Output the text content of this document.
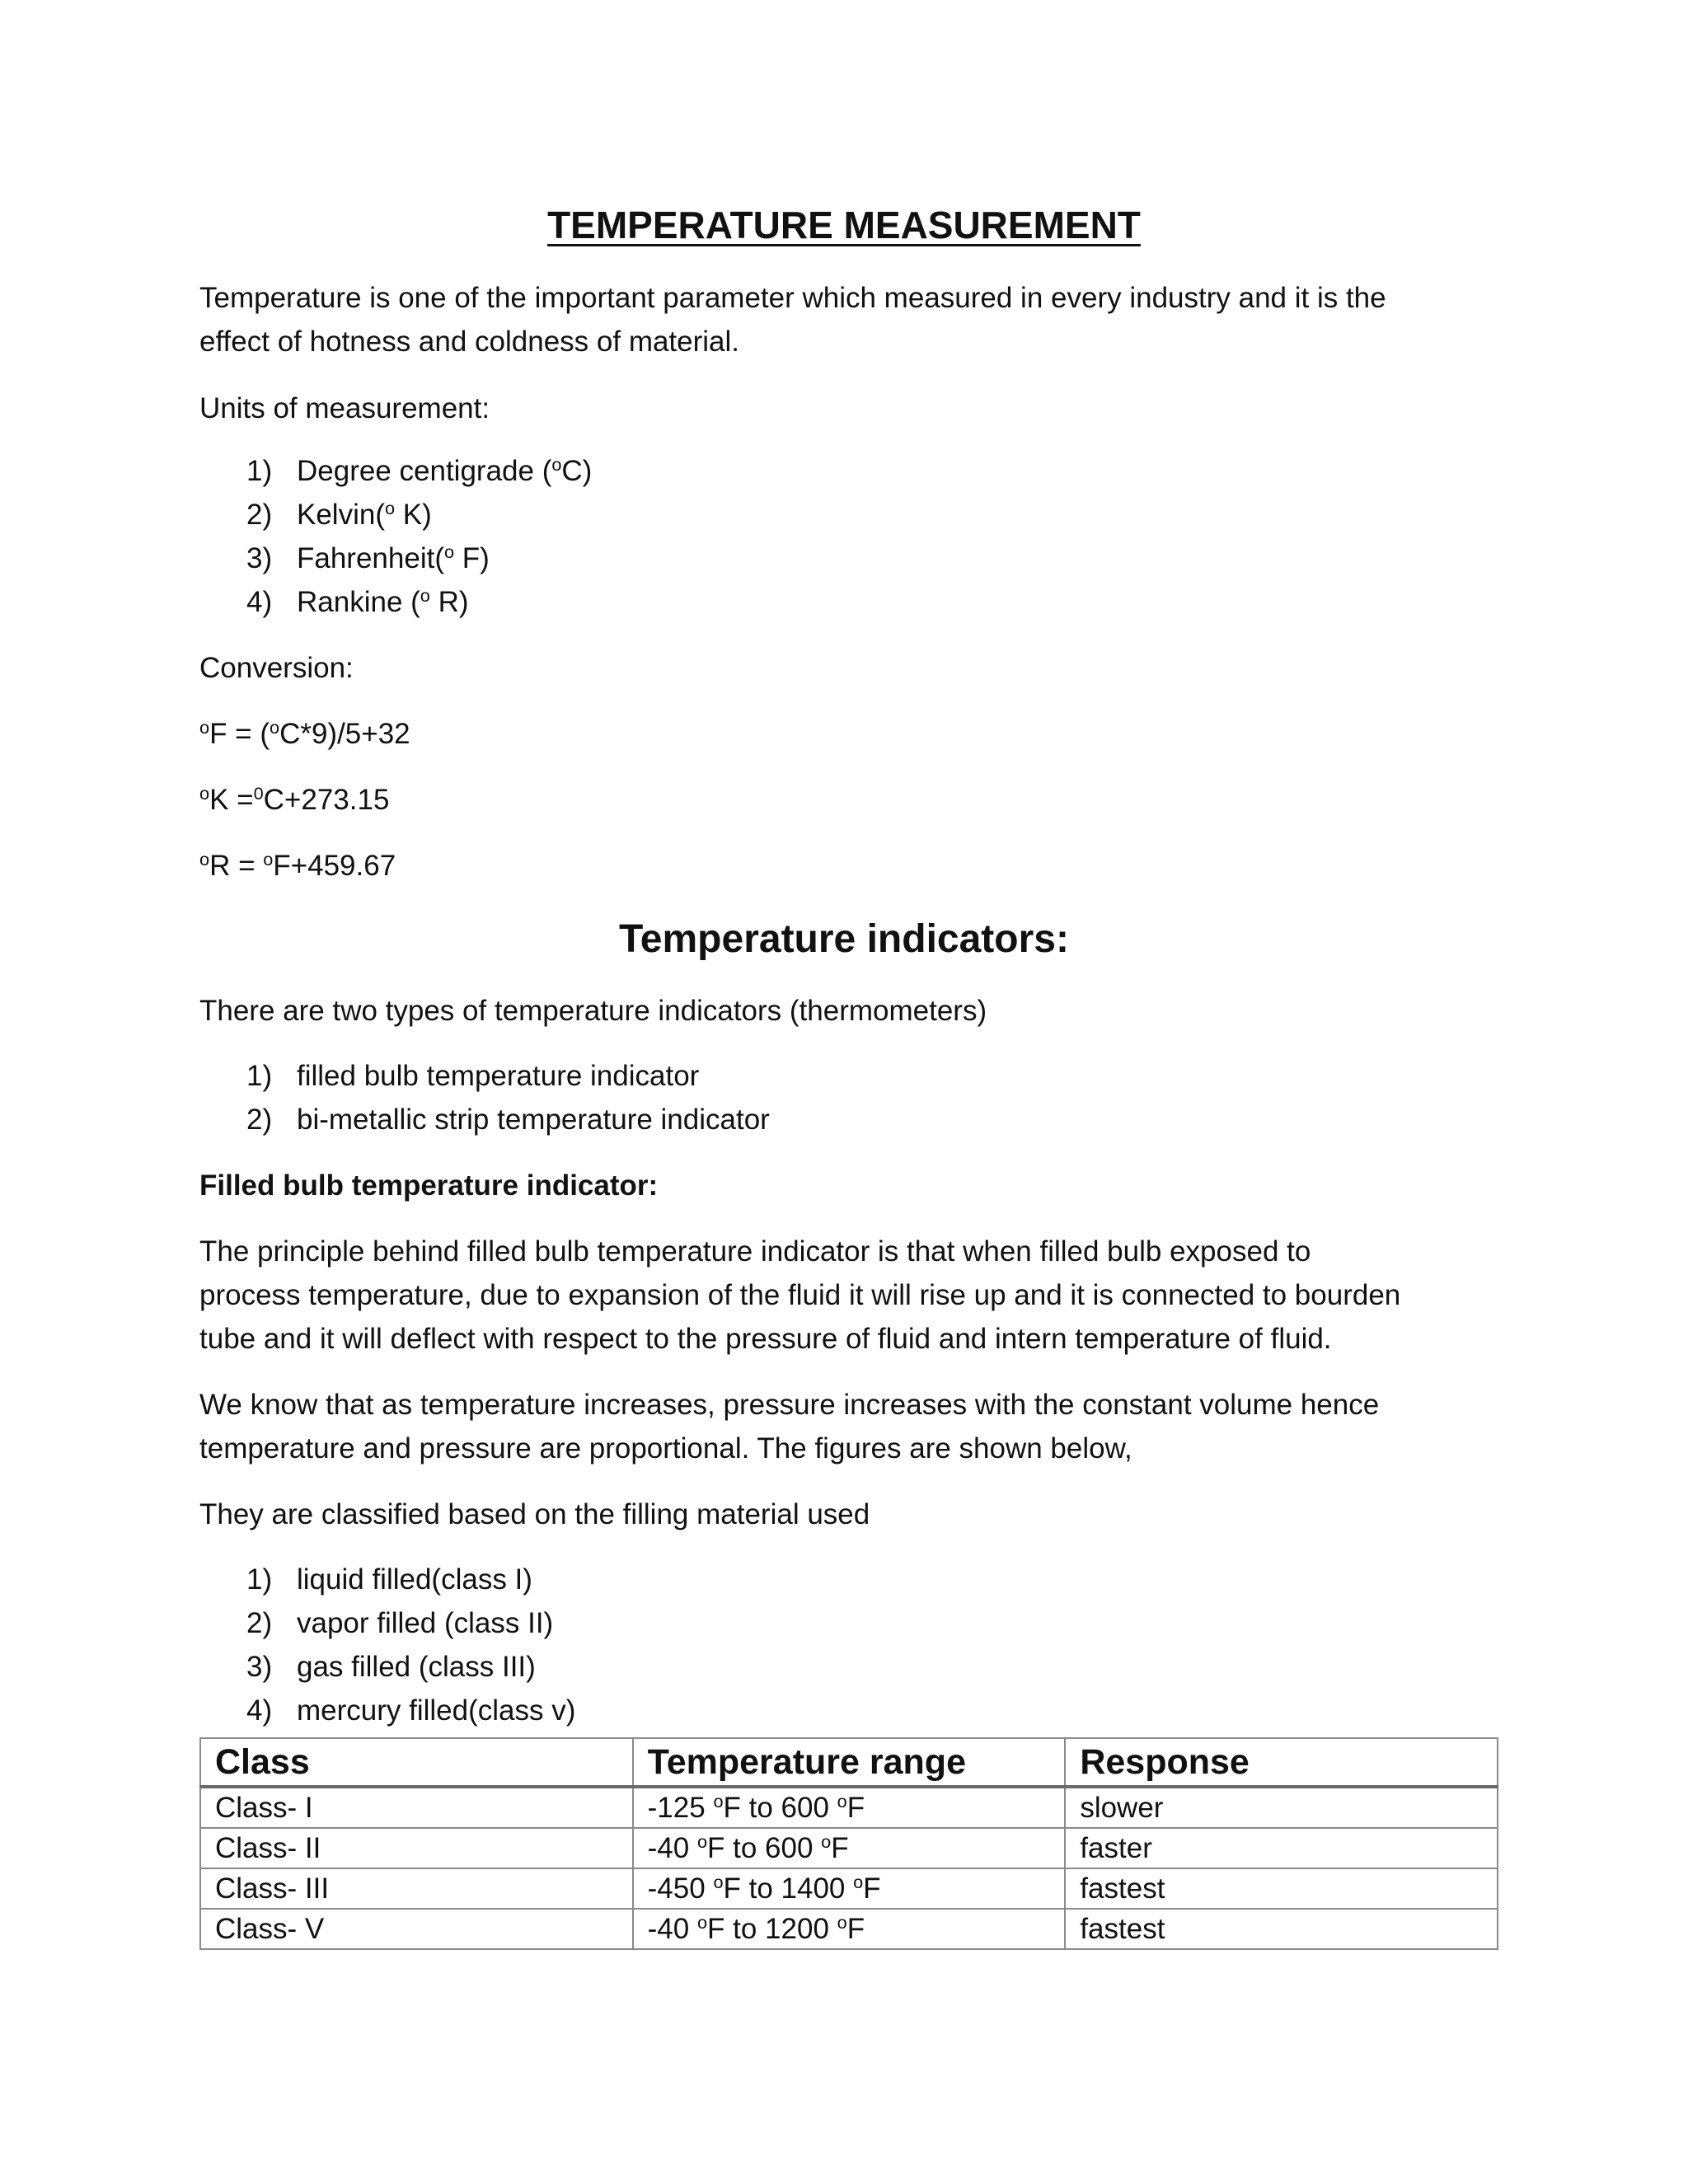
TEMPERATURE MEASUREMENT
Temperature is one of the important parameter which measured in every industry and it is the
effect of hotness and coldness of material.
Units of measurement:
1) Degree centigrade ($^o$C)
2) Kelvin($^o$ K)
3) Fahrenheit($^o$ F)
4) Rankine ($^o$ R)
Conversion:
$^o$F = ($^o$C*9)/5+32
$^o$K =$^0$C+273.15
$^o$R = $^o$F+459.67
Temperature indicators:
There are two types of temperature indicators (thermometers)
1) filled bulb temperature indicator
2) bi-metallic strip temperature indicator
Filled bulb temperature indicator:
The principle behind filled bulb temperature indicator is that when filled bulb exposed to
process temperature, due to expansion of the fluid it will rise up and it is connected to bourden
tube and it will deflect with respect to the pressure of fluid and intern temperature of fluid.
We know that as temperature increases, pressure increases with the constant volume hence
temperature and pressure are proportional. The figures are shown below,
They are classified based on the filling material used
1) liquid filled(class I)
2) vapor filled (class II)
3) gas filled (class III)
4) mercury filled(class v)
Class	Temperature range	Response
Class- I	-125 $^o$F to 600 $^o$F	slower
Class- II	-40 $^o$F to 600 $^o$F	faster
Class- III	-450 $^o$F to 1400 $^o$F	fastest
Class- V	-40 $^o$F to 1200 $^o$F	fastest
